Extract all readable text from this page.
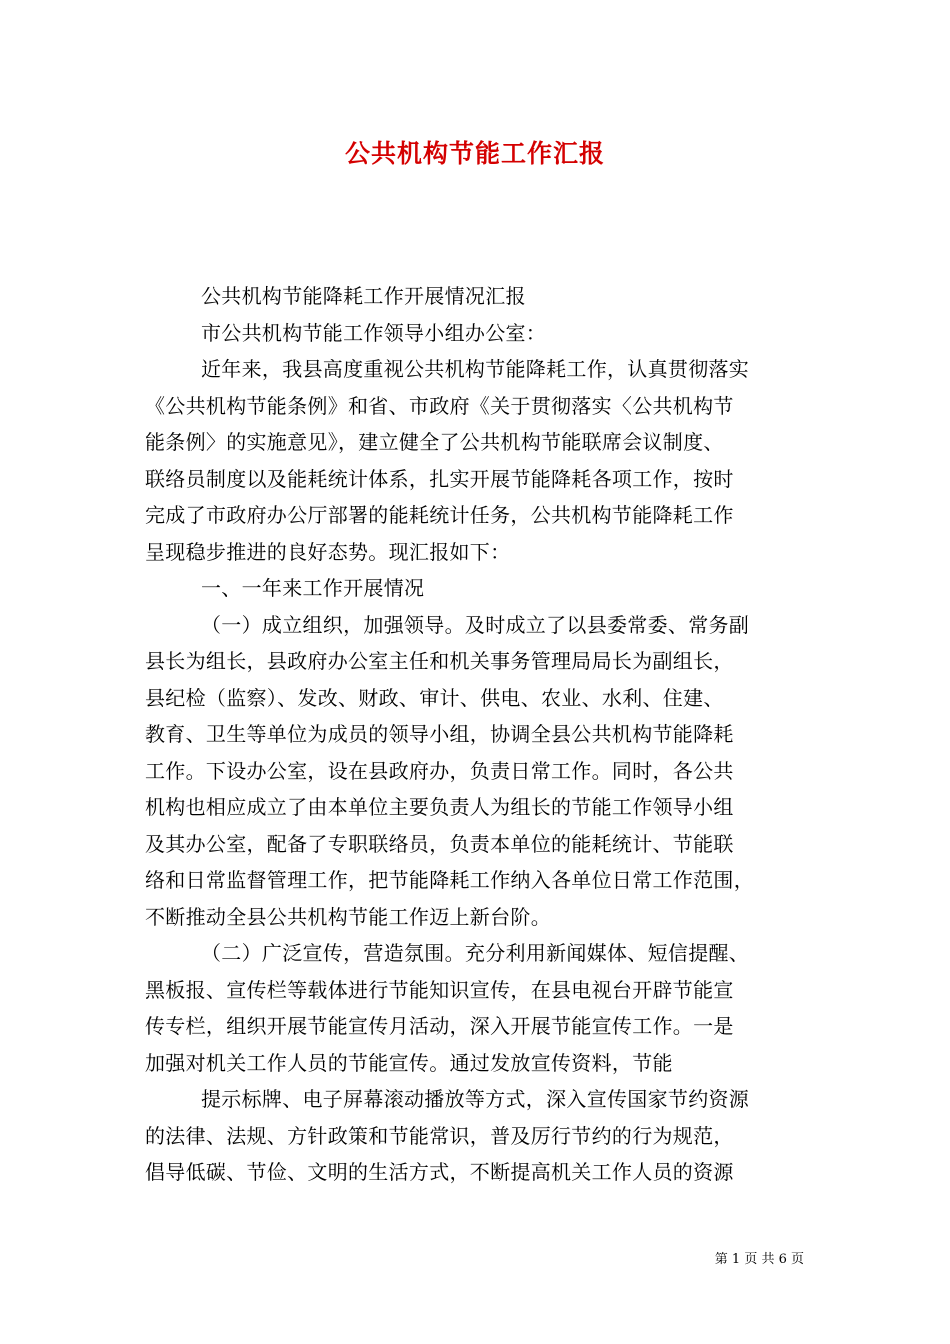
公共机构节能工作汇报
公共机构节能降耗工作开展情况汇报
市公共机构节能工作领导小组办公室：
近年来，我县高度重视公共机构节能降耗工作，认真贯彻落实
《公共机构节能条例》和省、市政府《关于贯彻落实〈公共机构节
能条例〉的实施意见》，建立健全了公共机构节能联席会议制度、
联络员制度以及能耗统计体系，扎实开展节能降耗各项工作，按时
完成了市政府办公厅部署的能耗统计任务，公共机构节能降耗工作
呈现稳步推进的良好态势。现汇报如下：
一、一年来工作开展情况
（一）成立组织，加强领导。及时成立了以县委常委、常务副
县长为组长，县政府办公室主任和机关事务管理局局长为副组长，
县纪检（监察）、发改、财政、审计、供电、农业、水利、住建、
教育、卫生等单位为成员的领导小组，协调全县公共机构节能降耗
工作。下设办公室，设在县政府办，负责日常工作。同时，各公共
机构也相应成立了由本单位主要负责人为组长的节能工作领导小组
及其办公室，配备了专职联络员，负责本单位的能耗统计、节能联
络和日常监督管理工作，把节能降耗工作纳入各单位日常工作范围，
不断推动全县公共机构节能工作迈上新台阶。
（二）广泛宣传，营造氛围。充分利用新闻媒体、短信提醒、
黑板报、宣传栏等载体进行节能知识宣传，在县电视台开辟节能宣
传专栏，组织开展节能宣传月活动，深入开展节能宣传工作。一是
加强对机关工作人员的节能宣传。通过发放宣传资料，节能
提示标牌、电子屏幕滚动播放等方式，深入宣传国家节约资源
的法律、法规、方针政策和节能常识，普及厉行节约的行为规范，
倡导低碳、节俭、文明的生活方式，不断提高机关工作人员的资源
第 1 页 共 6 页
